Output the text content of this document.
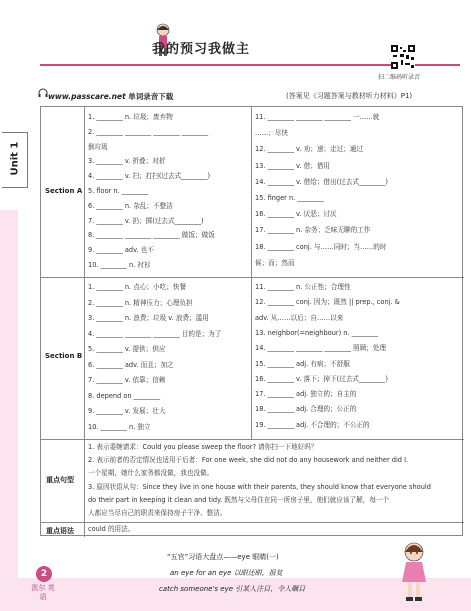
我的预习我做主
扫二维码听录音
www.passcare.net 单词录音下载	(答案见《习题答案与教材听力材料》P1)
Unit 1
Section A
Section B
重点句型
重点语法 could 的用法。
1. ________ n. 垃圾；废弃物
2. ________ ________ ________ ________
倒垃圾
3. ________ v. 折叠；对折
4. ________ v. 扫；打扫(过去式________)
5. floor n. ________
6. ________ n. 杂乱；不整洁
7. ________ v. 扔；掷(过去式________)
8. ________ ________ ________ 做饭；做饭
9. ________ adv. 也不
10. ________ n. 衬衫
11. ________ ________ ________ 一……就
……；尽快
12. ________ v. 劝；递；走过；通过
13. ________ v. 借；借用
14. ________ v. 借给；借出(过去式________)
15. finger n. ________
16. ________ v. 厌恶；讨厌
17. ________ n. 杂务；乏味无聊的工作
18. ________ conj. 与……同时；当……的时
候；而；然而
1. ________ n. 点心；小吃；快餐
2. ________ n. 精神压力；心理负担
3. ________ n. 浪费；垃圾 v. 浪费；滥用
4. ________ ________ ________ 目的是；为了
5. ________ v. 提供；供应
6. ________ adv. 而且；加之
7. ________ v. 依靠；信赖
8. depend on ________
9. ________ v. 发展；壮大
10. ________ n. 独立
11. ________ n. 公正性；合理性
12. ________ conj. 因为；既然 || prep., conj. &
adv. 从……以后；自……以来
13. neighbor(=neighbour) n. ________
14. ________ ________ ________ 照顾；处理
15. ________ adj. 有病；不舒服
16. ________ v. 落下；掉下(过去式________)
17. ________ adj. 独立的；自主的
18. ________ adj. 合理的；公正的
19. ________ adj. 不合理的；不公正的
1. 表示委婉请求：Could you please sweep the floor? 请你扫一下地好吗？
2. 表示前者的否定情况也适用于后者：For one week, she did not do any housework and neither did I.
一个星期，她什么家务都没做，我也没做。
3. 原因状语从句：Since they live in one house with their parents, they should know that everyone should
do their part in keeping it clean and tidy. 既然与父母住在同一所房子里，他们就应该了解，每一个
人都应当尽自己的职责来保持房子干净、整洁。
2
凯尔 英语
“五官”习语大盘点——eye 眼睛(一)
an eye for an eye 以眼还眼，报复
catch someone's eye 引某人注目，令人瞩目
